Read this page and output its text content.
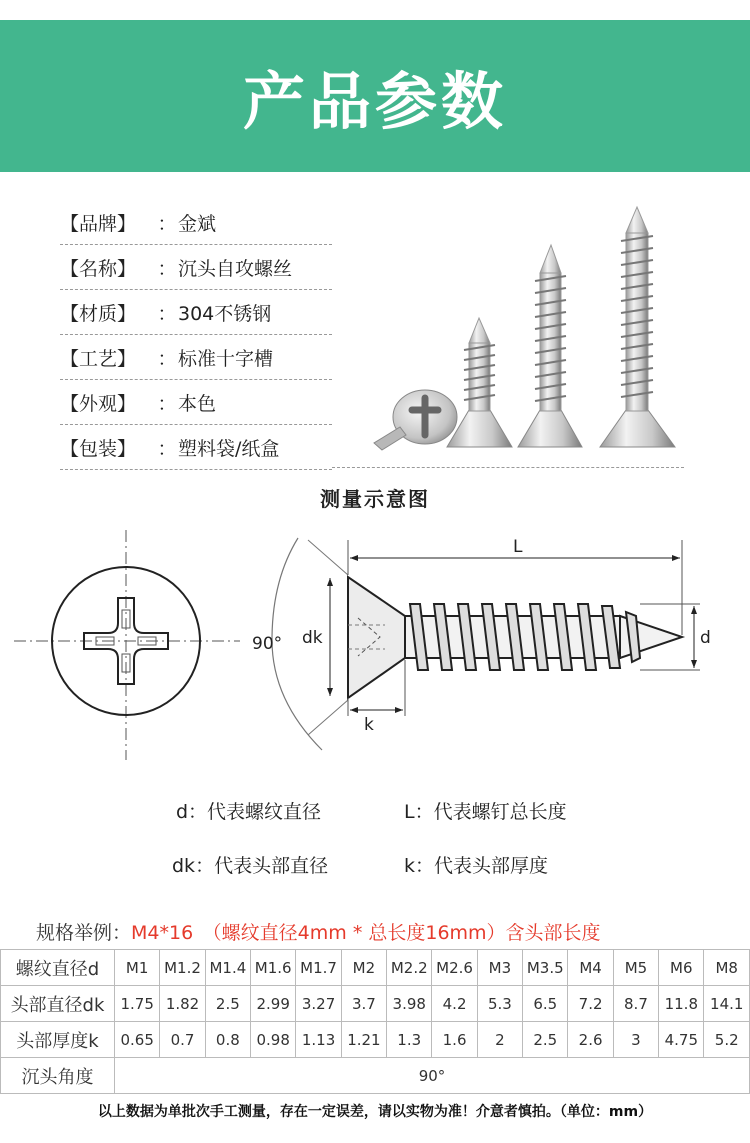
产品参数
【品牌】	： 金斌
【名称】	： 沉头自攻螺丝
【材质】	： 304不锈钢
【工艺】	： 标准十字槽
【外观】	： 本色
【包装】	： 塑料袋/纸盒
测量示意图
L
d
dk
k
90°
d：代表螺纹直径	L：代表螺钉总长度
dk：代表头部直径	k：代表头部厚度
规格举例：M4*16　（螺纹直径4mm * 总长度16mm）含头部长度
螺纹直径d	M1	M1.2	M1.4	M1.6	M1.7	M2	M2.2	M2.6	M3	M3.5	M4	M5	M6	M8
头部直径dk	1.75	1.82	2.5	2.99	3.27	3.7	3.98	4.2	5.3	6.5	7.2	8.7	11.8	14.1
头部厚度k	0.65	0.7	0.8	0.98	1.13	1.21	1.3	1.6	2	2.5	2.6	3	4.75	5.2
沉头角度	90°													
以上数据为单批次手工测量，存在一定误差，请以实物为准！介意者慎拍。（单位：mm）
